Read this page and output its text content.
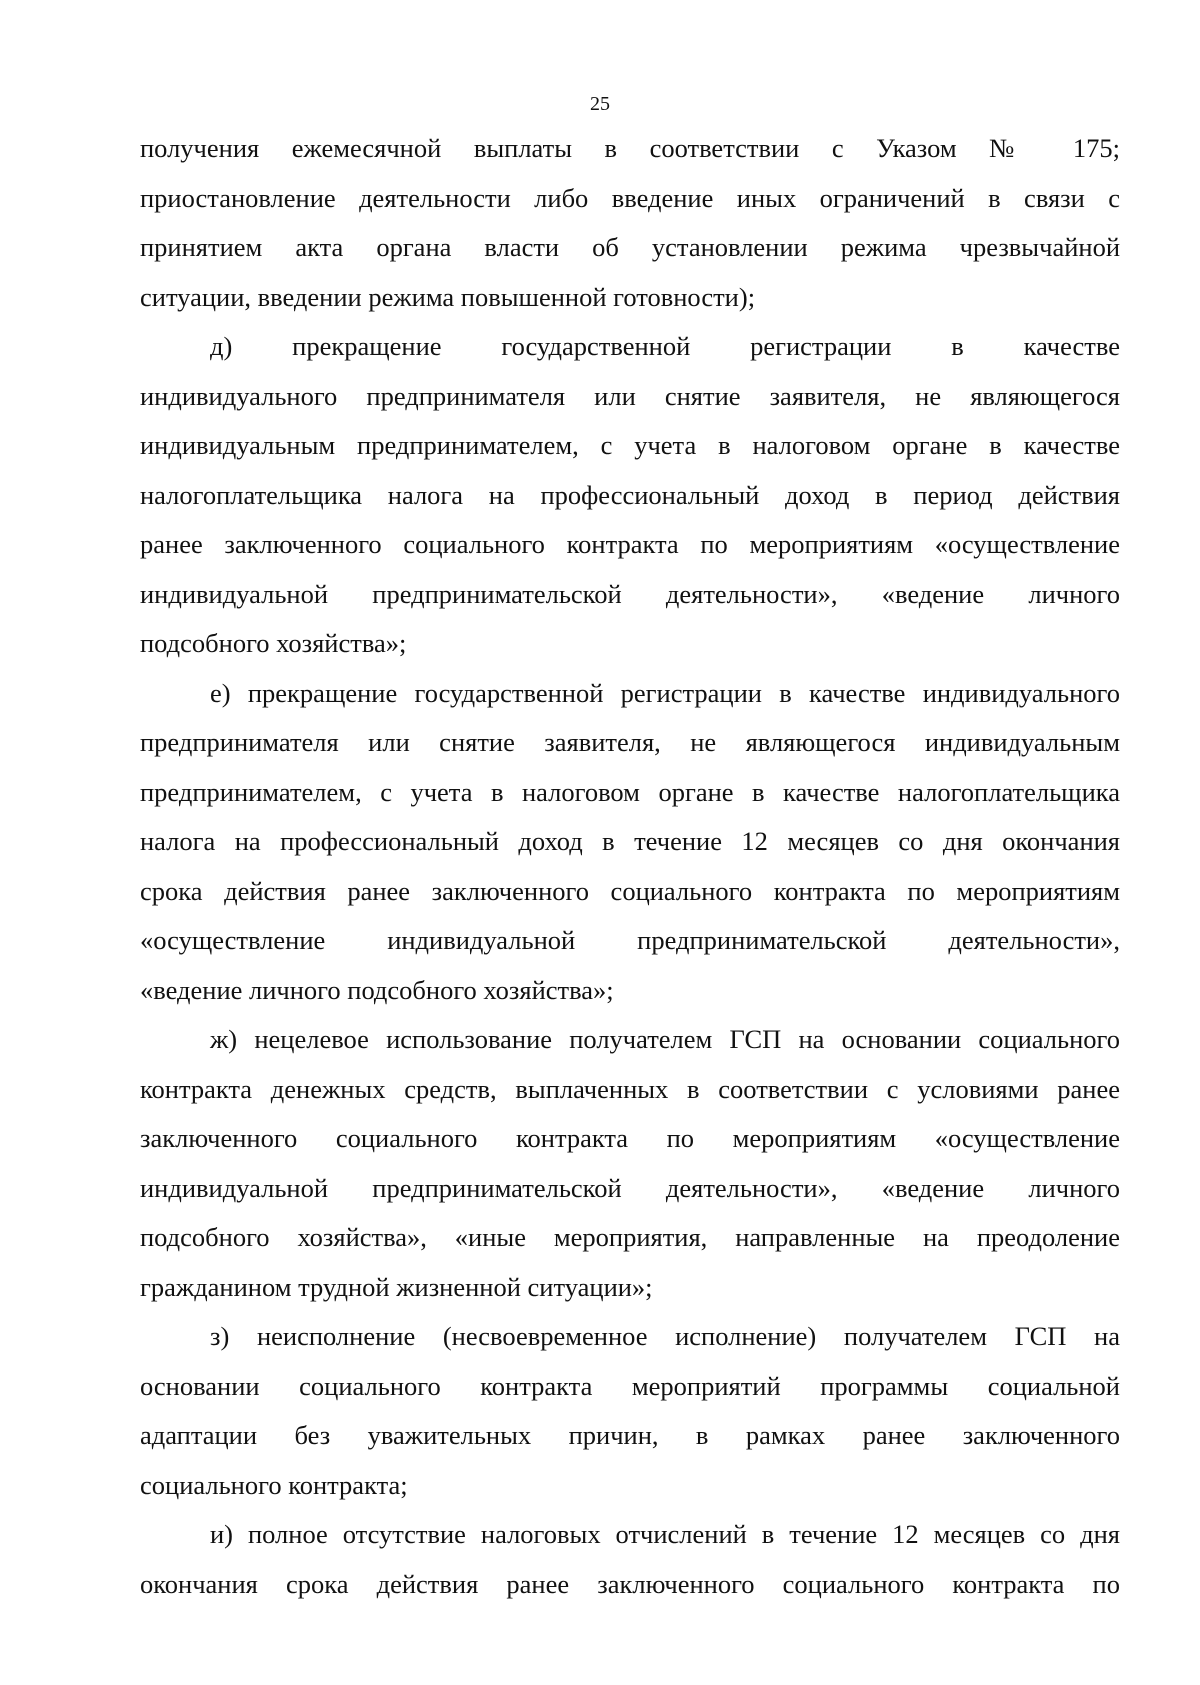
25
получения ежемесячной выплаты в соответствии с Указом № 175;
приостановление деятельности либо введение иных ограничений в связи с
принятием акта органа власти об установлении режима чрезвычайной
ситуации, введении режима повышенной готовности);
д) прекращение государственной регистрации в качестве
индивидуального предпринимателя или снятие заявителя, не являющегося
индивидуальным предпринимателем, с учета в налоговом органе в качестве
налогоплательщика налога на профессиональный доход в период действия
ранее заключенного социального контракта по мероприятиям «осуществление
индивидуальной предпринимательской деятельности», «ведение личного
подсобного хозяйства»;
е) прекращение государственной регистрации в качестве индивидуального
предпринимателя или снятие заявителя, не являющегося индивидуальным
предпринимателем, с учета в налоговом органе в качестве налогоплательщика
налога на профессиональный доход в течение 12 месяцев со дня окончания
срока действия ранее заключенного социального контракта по мероприятиям
«осуществление индивидуальной предпринимательской деятельности»,
«ведение личного подсобного хозяйства»;
ж) нецелевое использование получателем ГСП на основании социального
контракта денежных средств, выплаченных в соответствии с условиями ранее
заключенного социального контракта по мероприятиям «осуществление
индивидуальной предпринимательской деятельности», «ведение личного
подсобного хозяйства», «иные мероприятия, направленные на преодоление
гражданином трудной жизненной ситуации»;
з) неисполнение (несвоевременное исполнение) получателем ГСП на
основании социального контракта мероприятий программы социальной
адаптации без уважительных причин, в рамках ранее заключенного
социального контракта;
и) полное отсутствие налоговых отчислений в течение 12 месяцев со дня
окончания срока действия ранее заключенного социального контракта по
